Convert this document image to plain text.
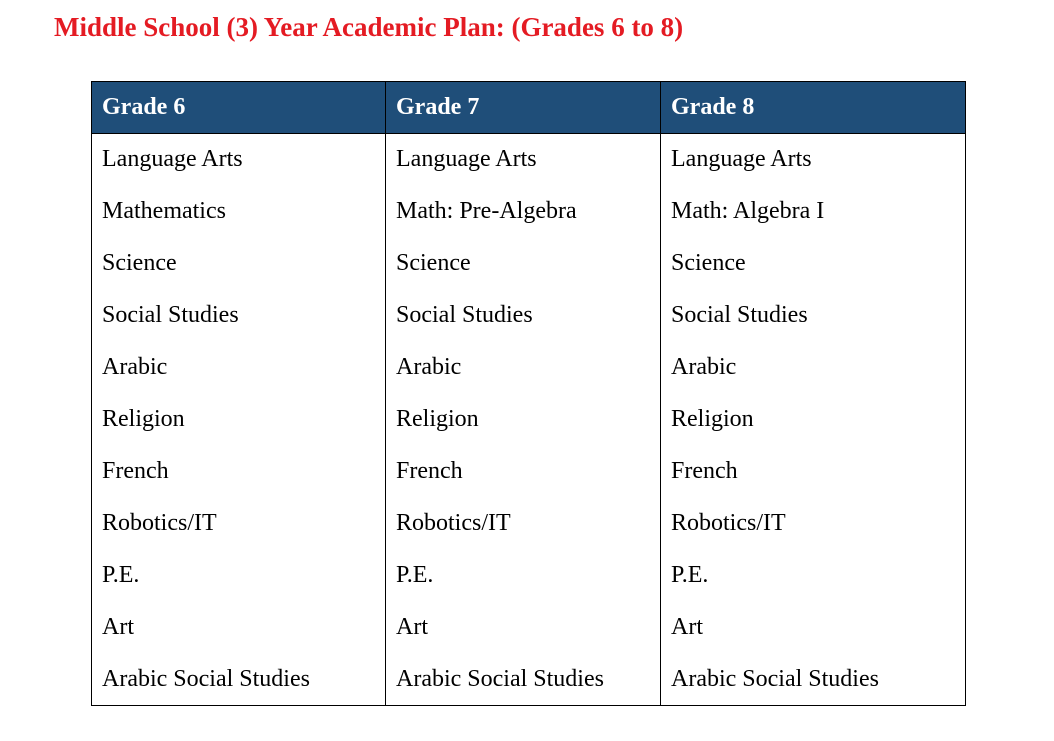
Middle School (3) Year Academic Plan: (Grades 6 to 8)
Grade 6	Grade 7	Grade 8
Language Arts	Language Arts	Language Arts
Mathematics	Math: Pre-Algebra	Math: Algebra I
Science	Science	Science
Social Studies	Social Studies	Social Studies
Arabic	Arabic	Arabic
Religion	Religion	Religion
French	French	French
Robotics/IT	Robotics/IT	Robotics/IT
P.E.	P.E.	P.E.
Art	Art	Art
Arabic Social Studies	Arabic Social Studies	Arabic Social Studies
